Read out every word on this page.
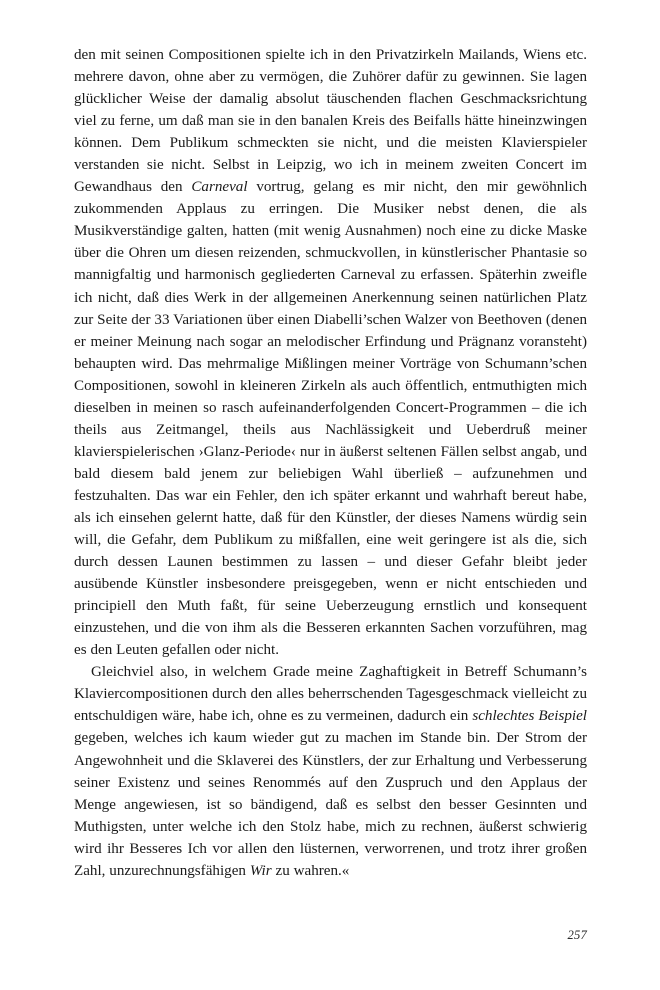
den mit seinen Compositionen spielte ich in den Privatzirkeln Mailands, Wiens etc. mehrere davon, ohne aber zu vermögen, die Zuhörer dafür zu gewinnen. Sie lagen glücklicher Weise der damalig absolut täuschenden flachen Geschmacksrichtung viel zu ferne, um daß man sie in den banalen Kreis des Beifalls hätte hineinzwingen können. Dem Publikum schmeckten sie nicht, und die meisten Klavierspieler verstanden sie nicht. Selbst in Leipzig, wo ich in meinem zweiten Concert im Gewandhaus den Carneval vortrug, gelang es mir nicht, den mir gewöhnlich zukommenden Applaus zu erringen. Die Musiker nebst denen, die als Musikverständige galten, hatten (mit wenig Ausnahmen) noch eine zu dicke Maske über die Ohren um diesen reizenden, schmuckvollen, in künstlerischer Phantasie so mannigfaltig und harmonisch gegliederten Carneval zu erfassen. Späterhin zweifle ich nicht, daß dies Werk in der allgemeinen Anerkennung seinen natürlichen Platz zur Seite der 33 Variationen über einen Diabelli’schen Walzer von Beethoven (denen er meiner Meinung nach sogar an melodischer Erfindung und Prägnanz voransteht) behaupten wird. Das mehrmalige Mißlingen meiner Vorträge von Schumann’schen Compositionen, sowohl in kleineren Zirkeln als auch öffentlich, entmuthigten mich dieselben in meinen so rasch aufeinanderfolgenden Concert-Programmen – die ich theils aus Zeitmangel, theils aus Nachlässigkeit und Ueberdruß meiner klavierspielerischen ›Glanz-Periode‹ nur in äußerst seltenen Fällen selbst angab, und bald diesem bald jenem zur beliebigen Wahl überließ – aufzunehmen und festzuhalten. Das war ein Fehler, den ich später erkannt und wahrhaft bereut habe, als ich einsehen gelernt hatte, daß für den Künstler, der dieses Namens würdig sein will, die Gefahr, dem Publikum zu mißfallen, eine weit geringere ist als die, sich durch dessen Launen bestimmen zu lassen – und dieser Gefahr bleibt jeder ausübende Künstler insbesondere preisgegeben, wenn er nicht entschieden und principiell den Muth faßt, für seine Ueberzeugung ernstlich und konsequent einzustehen, und die von ihm als die Besseren erkannten Sachen vorzuführen, mag es den Leuten gefallen oder nicht.

Gleichviel also, in welchem Grade meine Zaghaftigkeit in Betreff Schumann’s Klaviercompositionen durch den alles beherrschenden Tagesgeschmack vielleicht zu entschuldigen wäre, habe ich, ohne es zu vermeinen, dadurch ein schlechtes Beispiel gegeben, welches ich kaum wieder gut zu machen im Stande bin. Der Strom der Angewohnheit und die Sklaverei des Künstlers, der zur Erhaltung und Verbesserung seiner Existenz und seines Renommés auf den Zuspruch und den Applaus der Menge angewiesen, ist so bändigend, daß es selbst den besser Gesinnten und Muthigsten, unter welche ich den Stolz habe, mich zu rechnen, äußerst schwierig wird ihr Besseres Ich vor allen den lüsternen, verworrenen, und trotz ihrer großen Zahl, unzurechnungsfähigen Wir zu wahren.«

257
